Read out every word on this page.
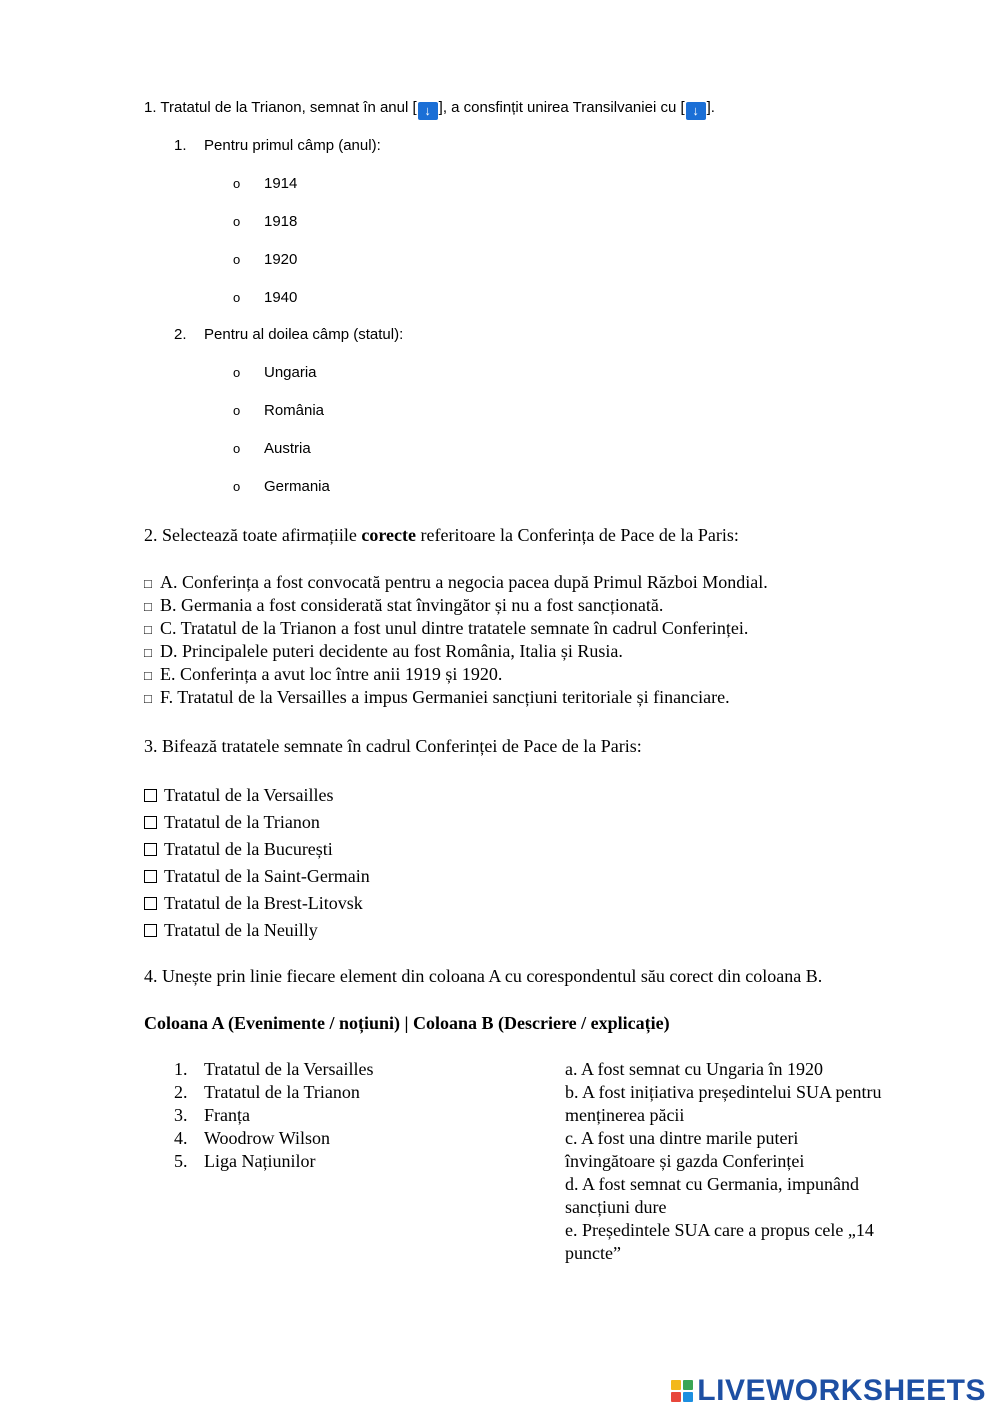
1. Tratatul de la Trianon, semnat în anul [ ↓ ], a consfințit unirea Transilvaniei cu [ ↓ ].
1. Pentru primul câmp (anul):
o 1914
o 1918
o 1920
o 1940
2. Pentru al doilea câmp (statul):
o Ungaria
o România
o Austria
o Germania
2. Selectează toate afirmațiile corecte referitoare la Conferința de Pace de la Paris:
□ A. Conferința a fost convocată pentru a negocia pacea după Primul Război Mondial.
□ B. Germania a fost considerată stat învingător și nu a fost sancționată.
□ C. Tratatul de la Trianon a fost unul dintre tratatele semnate în cadrul Conferinței.
□ D. Principalele puteri decidente au fost România, Italia și Rusia.
□ E. Conferința a avut loc între anii 1919 și 1920.
□ F. Tratatul de la Versailles a impus Germaniei sancțiuni teritoriale și financiare.
3. Bifează tratatele semnate în cadrul Conferinței de Pace de la Paris:
Tratatul de la Versailles
Tratatul de la Trianon
Tratatul de la București
Tratatul de la Saint-Germain
Tratatul de la Brest-Litovsk
Tratatul de la Neuilly
4. Unește prin linie fiecare element din coloana A cu corespondentul său corect din coloana B.
Coloana A (Evenimente / noțiuni) | Coloana B (Descriere / explicație)
1. Tratatul de la Versailles
2. Tratatul de la Trianon
3. Franța
4. Woodrow Wilson
5. Liga Națiunilor
a. A fost semnat cu Ungaria în 1920
b. A fost inițiativa președintelui SUA pentru
menținerea păcii
c. A fost una dintre marile puteri
învingătoare și gazda Conferinței
d. A fost semnat cu Germania, impunând
sancțiuni dure
e. Președintele SUA care a propus cele „14
puncte”
LIVEWORKSHEETS
